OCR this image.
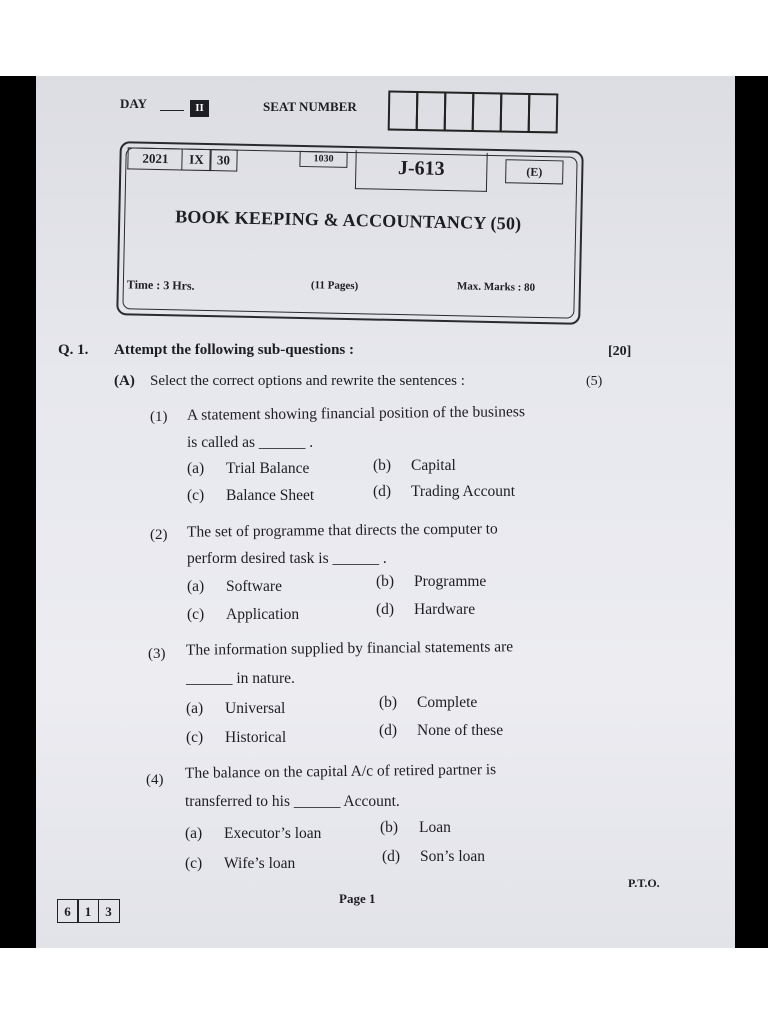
DAY	II	SEAT NUMBER
2021	IX 30	1030	J-613	(E)
BOOK KEEPING & ACCOUNTANCY (50)
Time : 3 Hrs.	(11 Pages)	Max. Marks : 80
Q. 1. Attempt the following sub-questions :	[20]
(A) Select the correct options and rewrite the sentences :	(5)
(1) A statement showing financial position of the business
is called as ______ .
(a) Trial Balance	(b) Capital
(c) Balance Sheet	(d) Trading Account
(2) The set of programme that directs the computer to
perform desired task is ______ .
(a) Software	(b) Programme
(c) Application	(d) Hardware
(3) The information supplied by financial statements are
______ in nature.
(a) Universal	(b) Complete
(c) Historical	(d) None of these
(4) The balance on the capital A/c of retired partner is
transferred to his ______ Account.
(a) Executor’s loan	(b) Loan
(c) Wife’s loan	(d) Son’s loan
6	1	3
Page 1
P.T.O.
